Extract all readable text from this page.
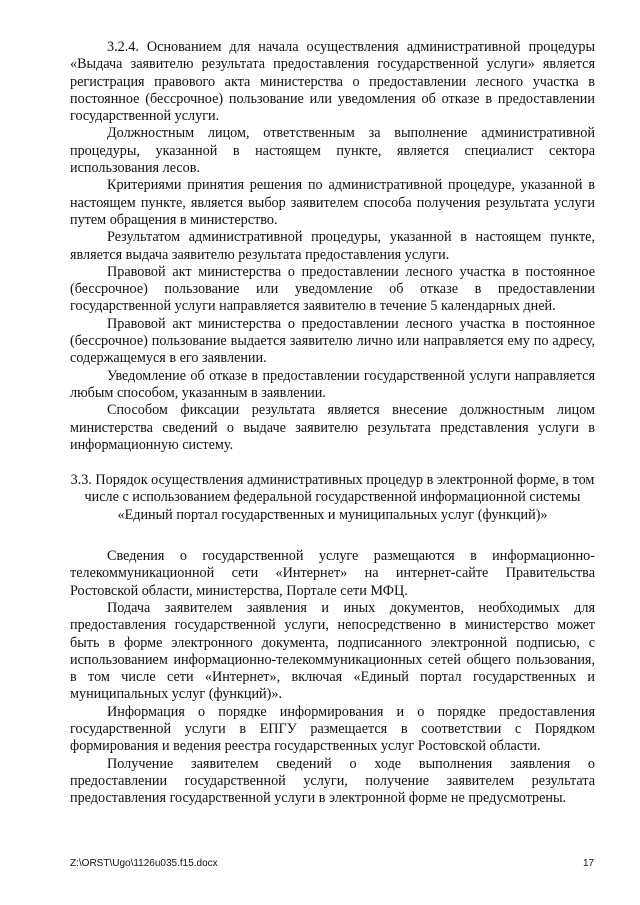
3.2.4. Основанием для начала осуществления административной процедуры «Выдача заявителю результата предоставления государственной услуги» является регистрация правового акта министерства о предоставлении лесного участка в постоянное (бессрочное) пользование или уведомления об отказе в предоставлении государственной услуги.

Должностным лицом, ответственным за выполнение административной процедуры, указанной в настоящем пункте, является специалист сектора использования лесов.

Критериями принятия решения по административной процедуре, указанной в настоящем пункте, является выбор заявителем способа получения результата услуги путем обращения в министерство.

Результатом административной процедуры, указанной в настоящем пункте, является выдача заявителю результата предоставления услуги.

Правовой акт министерства о предоставлении лесного участка в постоянное (бессрочное) пользование или уведомление об отказе в предоставлении государственной услуги направляется заявителю в течение 5 календарных дней.

Правовой акт министерства о предоставлении лесного участка в постоянное (бессрочное) пользование выдается заявителю лично или направляется ему по адресу, содержащемуся в его заявлении.

Уведомление об отказе в предоставлении государственной услуги направляется любым способом, указанным в заявлении.

Способом фиксации результата является внесение должностным лицом министерства сведений о выдаче заявителю результата представления услуги в информационную систему.

3.3. Порядок осуществления административных процедур в электронной форме, в том числе с использованием федеральной государственной информационной системы «Единый портал государственных и муниципальных услуг (функций)»

Сведения о государственной услуге размещаются в информационно-телекоммуникационной сети «Интернет» на интернет-сайте Правительства Ростовской области, министерства, Портале сети МФЦ.

Подача заявителем заявления и иных документов, необходимых для предоставления государственной услуги, непосредственно в министерство может быть в форме электронного документа, подписанного электронной подписью, с использованием информационно-телекоммуникационных сетей общего пользования, в том числе сети «Интернет», включая «Единый портал государственных и муниципальных услуг (функций)».

Информация о порядке информирования и о порядке предоставления государственной услуги в ЕПГУ размещается в соответствии с Порядком формирования и ведения реестра государственных услуг Ростовской области.

Получение заявителем сведений о ходе выполнения заявления о предоставлении государственной услуги, получение заявителем результата предоставления государственной услуги в электронной форме не предусмотрены.

Z:\ORST\Ugo\1126u035.f15.docx	17
